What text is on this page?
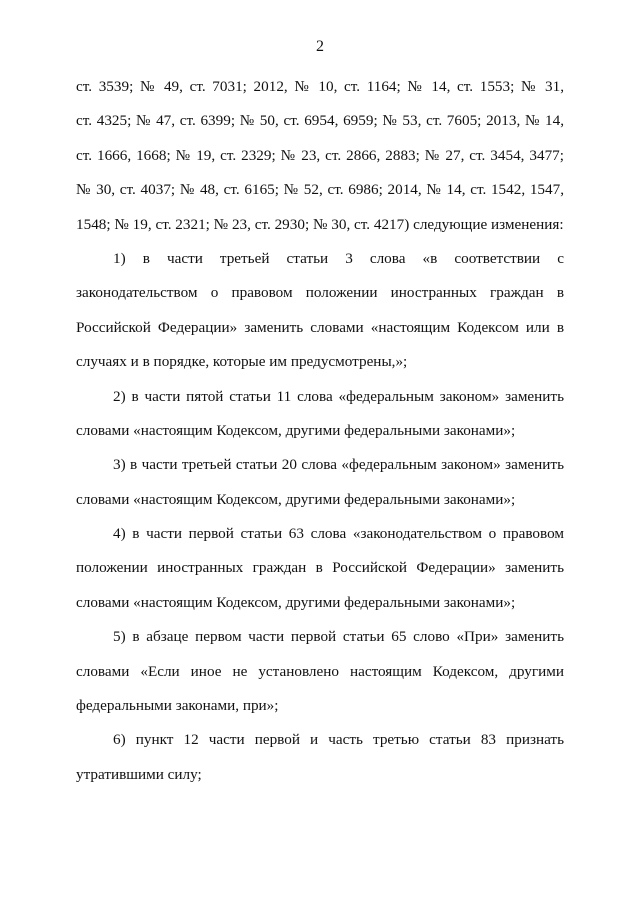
2
ст. 3539; № 49, ст. 7031; 2012, № 10, ст. 1164; № 14, ст. 1553; № 31,
ст. 4325; № 47, ст. 6399; № 50, ст. 6954, 6959; № 53, ст. 7605; 2013, № 14,
ст. 1666, 1668; № 19, ст. 2329; № 23, ст. 2866, 2883; № 27, ст. 3454, 3477;
№ 30, ст. 4037; № 48, ст. 6165; № 52, ст. 6986; 2014, № 14, ст. 1542, 1547,
1548; № 19, ст. 2321; № 23, ст. 2930; № 30, ст. 4217) следующие изменения:
1) в части третьей статьи 3 слова «в соответствии с
законодательством о правовом положении иностранных граждан в
Российской Федерации» заменить словами «настоящим Кодексом или в
случаях и в порядке, которые им предусмотрены,»;
2) в части пятой статьи 11 слова «федеральным законом» заменить
словами «настоящим Кодексом, другими федеральными законами»;
3) в части третьей статьи 20 слова «федеральным законом» заменить
словами «настоящим Кодексом, другими федеральными законами»;
4) в части первой статьи 63 слова «законодательством о правовом
положении иностранных граждан в Российской Федерации» заменить
словами «настоящим Кодексом, другими федеральными законами»;
5) в абзаце первом части первой статьи 65 слово «При» заменить
словами «Если иное не установлено настоящим Кодексом, другими
федеральными законами, при»;
6) пункт 12 части первой и часть третью статьи 83 признать
утратившими силу;
